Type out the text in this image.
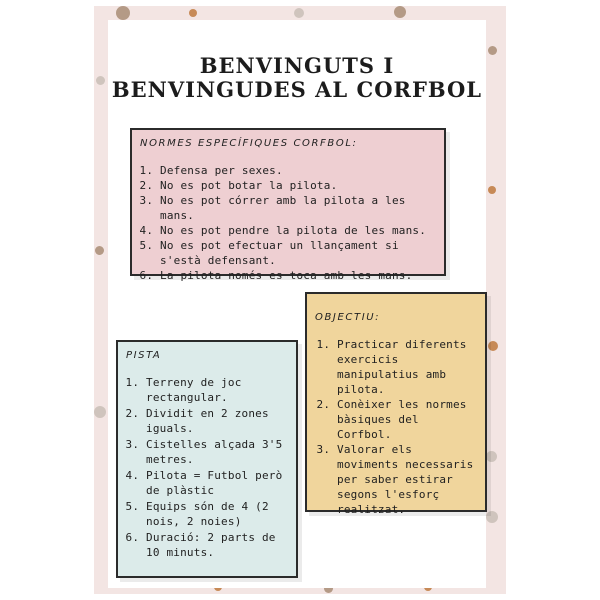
BENVINGUTS I
BENVINGUDES AL CORFBOL
NORMES ESPECÍFIQUES CORFBOL:
1. Defensa per sexes.
2. No es pot botar la pilota.
3. No es pot córrer amb la pilota a les mans.
4. No es pot pendre la pilota de les mans.
5. No es pot efectuar un llançament si s'està defensant.
6. La pilota només es toca amb les mans.
OBJECTIU:
1. Practicar diferents exercicis manipulatius amb pilota.
2. Conèixer les normes bàsiques del Corfbol.
3. Valorar els moviments necessaris per saber estirar segons l'esforç realitzat.
PISTA
1. Terreny de joc rectangular.
2. Dividit en 2 zones iguals.
3. Cistelles alçada 3'5 metres.
4. Pilota = Futbol però de plàstic
5. Equips són de 4 (2 nois, 2 noies)
6. Duració: 2 parts de 10 minuts.
